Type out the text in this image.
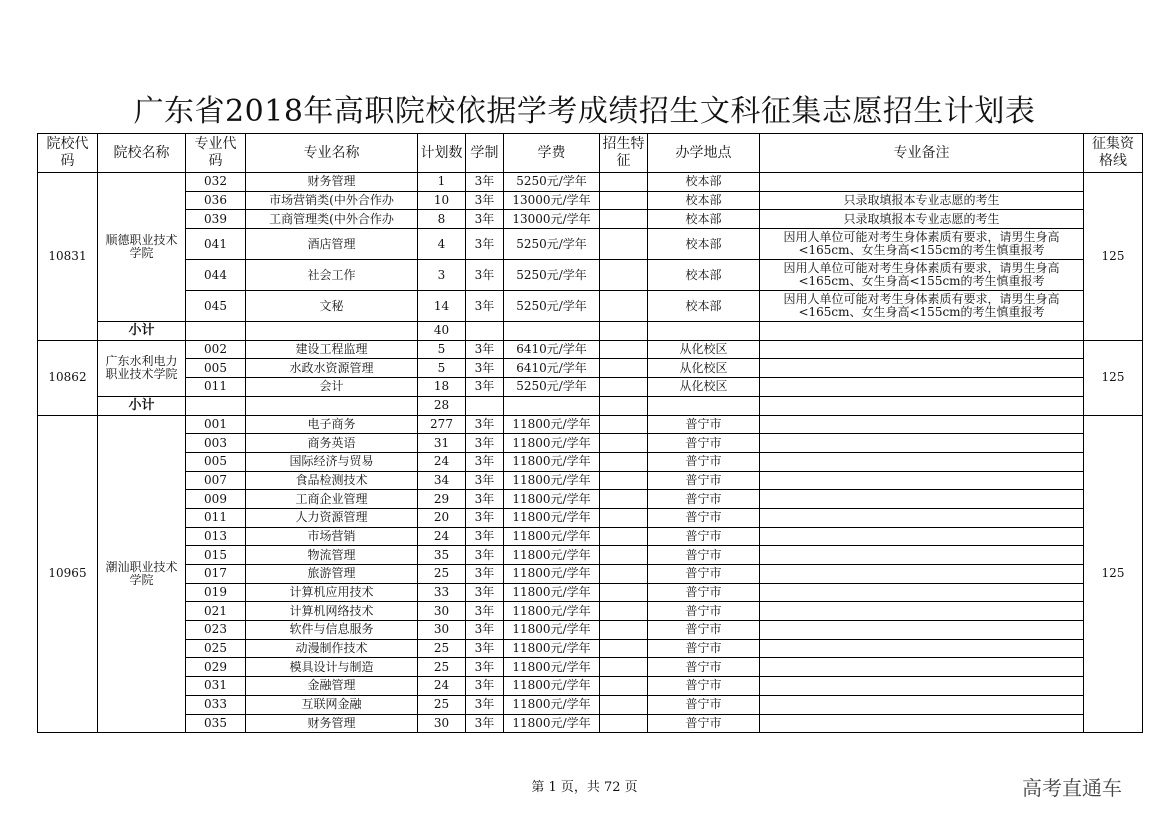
广东省2018年高职院校依据学考成绩招生文科征集志愿招生计划表
院校代码	院校名称	专业代码	专业名称	计划数	学制	学费	招生特征	办学地点	专业备注	征集资格线
10831	顺德职业技术学院	032	财务管理	1	3年	5250元/学年		校本部		125
		036	市场营销类(中外合作办	10	3年	13000元/学年		校本部	只录取填报本专业志愿的考生	
		039	工商管理类(中外合作办	8	3年	13000元/学年		校本部	只录取填报本专业志愿的考生	
		041	酒店管理	4	3年	5250元/学年		校本部	因用人单位可能对考生身体素质有要求，请男生身高<165cm、女生身高<155cm的考生慎重报考	
		044	社会工作	3	3年	5250元/学年		校本部	因用人单位可能对考生身体素质有要求，请男生身高<165cm、女生身高<155cm的考生慎重报考	
		045	文秘	14	3年	5250元/学年		校本部	因用人单位可能对考生身体素质有要求，请男生身高<165cm、女生身高<155cm的考生慎重报考	
	小计			40						
10862	广东水利电力职业技术学院	002	建设工程监理	5	3年	6410元/学年		从化校区		125
		005	水政水资源管理	5	3年	6410元/学年		从化校区		
		011	会计	18	3年	5250元/学年		从化校区		
	小计			28						
10965	潮汕职业技术学院	001	电子商务	277	3年	11800元/学年		普宁市		125
		003	商务英语	31	3年	11800元/学年		普宁市		
		005	国际经济与贸易	24	3年	11800元/学年		普宁市		
		007	食品检测技术	34	3年	11800元/学年		普宁市		
		009	工商企业管理	29	3年	11800元/学年		普宁市		
		011	人力资源管理	20	3年	11800元/学年		普宁市		
		013	市场营销	24	3年	11800元/学年		普宁市		
		015	物流管理	35	3年	11800元/学年		普宁市		
		017	旅游管理	25	3年	11800元/学年		普宁市		
		019	计算机应用技术	33	3年	11800元/学年		普宁市		
		021	计算机网络技术	30	3年	11800元/学年		普宁市		
		023	软件与信息服务	30	3年	11800元/学年		普宁市		
		025	动漫制作技术	25	3年	11800元/学年		普宁市		
		029	模具设计与制造	25	3年	11800元/学年		普宁市		
		031	金融管理	24	3年	11800元/学年		普宁市		
		033	互联网金融	25	3年	11800元/学年		普宁市		
		035	财务管理	30	3年	11800元/学年		普宁市		
第 1 页，共 72 页	高考直通车
